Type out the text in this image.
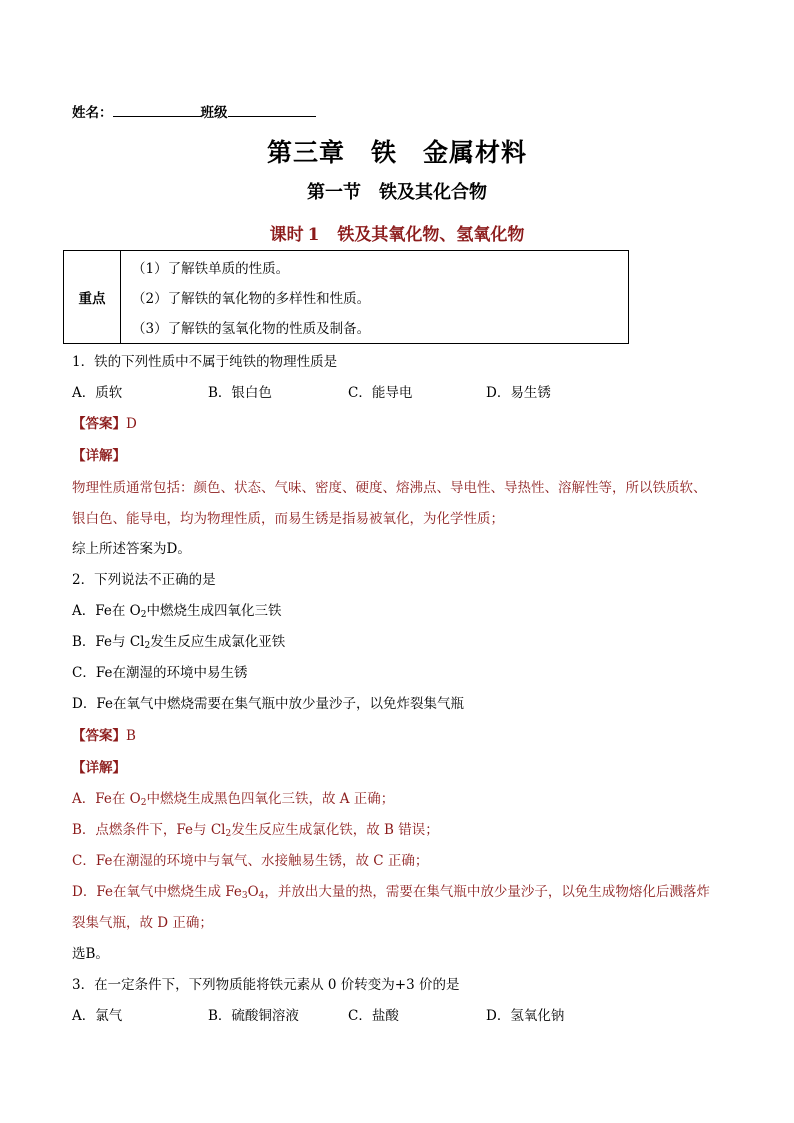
姓名：	班级
第三章　铁　金属材料
第一节　铁及其化合物
课时 1 铁及其氧化物、氢氧化物
重点
（1）了解铁单质的性质。
（2）了解铁的氧化物的多样性和性质。
（3）了解铁的氢氧化物的性质及制备。
1．铁的下列性质中不属于纯铁的物理性质是
A．质软	B．银白色	C．能导电	D．易生锈
【答案】D
【详解】
物理性质通常包括：颜色、状态、气味、密度、硬度、熔沸点、导电性、导热性、溶解性等，所以铁质软、
银白色、能导电，均为物理性质，而易生锈是指易被氧化，为化学性质；
综上所述答案为D。
2．下列说法不正确的是
A．Fe在 $O_2$中燃烧生成四氧化三铁
B．Fe与 $Cl_2$发生反应生成氯化亚铁
C．Fe在潮湿的环境中易生锈
D．Fe在氧气中燃烧需要在集气瓶中放少量沙子，以免炸裂集气瓶
【答案】B
【详解】
A．Fe在 $O_2$中燃烧生成黑色四氧化三铁，故 A 正确；
B．点燃条件下，Fe与 $Cl_2$发生反应生成氯化铁，故 B 错误；
C．Fe在潮湿的环境中与氧气、水接触易生锈，故 C 正确；
D．Fe在氧气中燃烧生成 $Fe_3O_4$，并放出大量的热，需要在集气瓶中放少量沙子，以免生成物熔化后溅落炸
裂集气瓶，故 D 正确；
选B。
3．在一定条件下，下列物质能将铁元素从 0 价转变为+3 价的是
A．氯气	B．硫酸铜溶液	C．盐酸	D．氢氧化钠
